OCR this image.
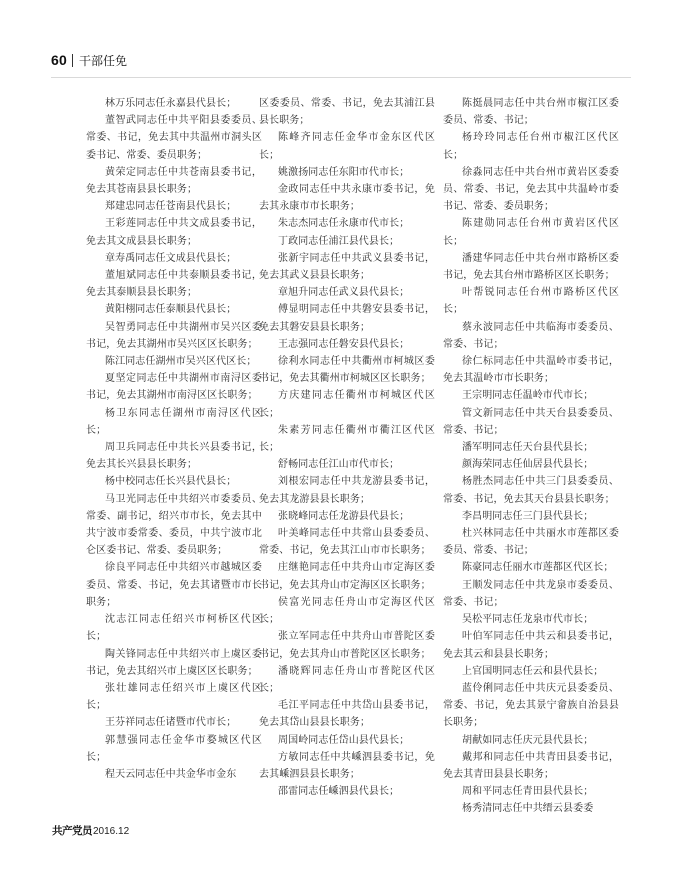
60 干部任免

林万乐同志任永嘉县代县长；

董智武同志任中共平阳县委委员、常委、书记，免去其中共温州市洞头区委书记、常委、委员职务；

黄荣定同志任中共苍南县委书记，免去其苍南县县长职务；

郑建忠同志任苍南县代县长；

王彩莲同志任中共文成县委书记，免去其文成县县长职务；

章寿禹同志任文成县代县长；

董旭斌同志任中共泰顺县委书记，免去其泰顺县县长职务；

黄阳栩同志任泰顺县代县长；

吴智勇同志任中共湖州市吴兴区委书记，免去其湖州市吴兴区区长职务；

陈江同志任湖州市吴兴区代区长；

夏坚定同志任中共湖州市南浔区委书记，免去其湖州市南浔区区长职务；

杨卫东同志任湖州市南浔区代区长；

周卫兵同志任中共长兴县委书记，免去其长兴县县长职务；

杨中校同志任长兴县代县长；

马卫光同志任中共绍兴市委委员、常委、副书记，绍兴市市长，免去其中共宁波市委常委、委员，中共宁波市北仑区委书记、常委、委员职务；

徐良平同志任中共绍兴市越城区委委员、常委、书记，免去其诸暨市市长职务；

沈志江同志任绍兴市柯桥区代区长；

陶关锋同志任中共绍兴市上虞区委书记，免去其绍兴市上虞区区长职务；

张壮雄同志任绍兴市上虞区代区长；

王芬祥同志任诸暨市代市长；

郭慧强同志任金华市婺城区代区长；

程天云同志任中共金华市金东

区委委员、常委、书记，免去其浦江县县长职务；

陈峰齐同志任金华市金东区代区长；

姚激扬同志任东阳市代市长；

金政同志任中共永康市委书记，免去其永康市市长职务；

朱志杰同志任永康市代市长；

丁政同志任浦江县代县长；

张新宇同志任中共武义县委书记，免去其武义县县长职务；

章旭升同志任武义县代县长；

傅显明同志任中共磐安县委书记，免去其磐安县县长职务；

王志强同志任磐安县代县长；

徐利水同志任中共衢州市柯城区委书记，免去其衢州市柯城区区长职务；

方庆建同志任衢州市柯城区代区长；

朱素芳同志任衢州市衢江区代区长；

舒畅同志任江山市代市长；

刘根宏同志任中共龙游县委书记，免去其龙游县县长职务；

张晓峰同志任龙游县代县长；

叶美峰同志任中共常山县委委员、常委、书记，免去其江山市市长职务；

庄继艳同志任中共舟山市定海区委书记，免去其舟山市定海区区长职务；

侯富光同志任舟山市定海区代区长；

张立军同志任中共舟山市普陀区委书记，免去其舟山市普陀区区长职务；

潘晓辉同志任舟山市普陀区代区长；

毛江平同志任中共岱山县委书记，免去其岱山县县长职务；

周国岭同志任岱山县代县长；

方敏同志任中共嵊泗县委书记，免去其嵊泗县县长职务；

邵雷同志任嵊泗县代县长；

陈挺晨同志任中共台州市椒江区委委员、常委、书记；

杨玲玲同志任台州市椒江区代区长；

徐淼同志任中共台州市黄岩区委委员、常委、书记，免去其中共温岭市委书记、常委、委员职务；

陈建勋同志任台州市黄岩区代区长；

潘建华同志任中共台州市路桥区委书记，免去其台州市路桥区区长职务；

叶帮锐同志任台州市路桥区代区长；

蔡永波同志任中共临海市委委员、常委、书记；

徐仁标同志任中共温岭市委书记，免去其温岭市市长职务；

王宗明同志任温岭市代市长；

管文新同志任中共天台县委委员、常委、书记；

潘军明同志任天台县代县长；

颜海荣同志任仙居县代县长；

杨胜杰同志任中共三门县委委员、常委、书记，免去其天台县县长职务；

李昌明同志任三门县代县长；

杜兴林同志任中共丽水市莲都区委委员、常委、书记；

陈豪同志任丽水市莲都区代区长；

王顺发同志任中共龙泉市委委员、常委、书记；

吴松平同志任龙泉市代市长；

叶伯军同志任中共云和县委书记，免去其云和县县长职务；

上官国明同志任云和县代县长；

蓝伶俐同志任中共庆元县委委员、常委、书记，免去其景宁畲族自治县县长职务；

胡献如同志任庆元县代县长；

戴邦和同志任中共青田县委书记，免去其青田县县长职务；

周和平同志任青田县代县长；

杨秀清同志任中共缙云县委委

共产党员 2016.12
